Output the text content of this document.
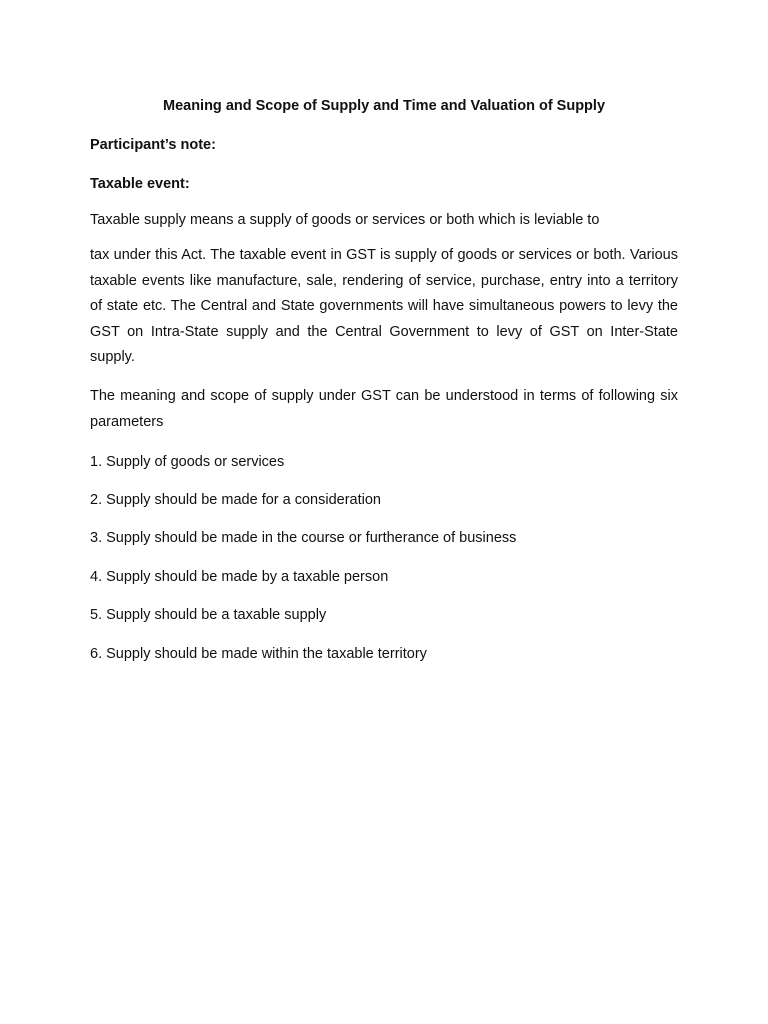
Meaning and Scope of Supply and Time and Valuation of Supply
Participant’s note:
Taxable event:

Taxable supply means a supply of goods or services or both which is leviable to

tax under this Act. The taxable event in GST is supply of goods or services or both. Various taxable events like manufacture, sale, rendering of service, purchase, entry into a territory of state etc. The Central and State governments will have simultaneous powers to levy the GST on Intra-State supply and the Central Government to levy of GST on Inter-State supply.

The meaning and scope of supply under GST can be understood in terms of following six parameters

1. Supply of goods or services
2. Supply should be made for a consideration
3. Supply should be made in the course or furtherance of business
4. Supply should be made by a taxable person
5. Supply should be a taxable supply
6. Supply should be made within the taxable territory
